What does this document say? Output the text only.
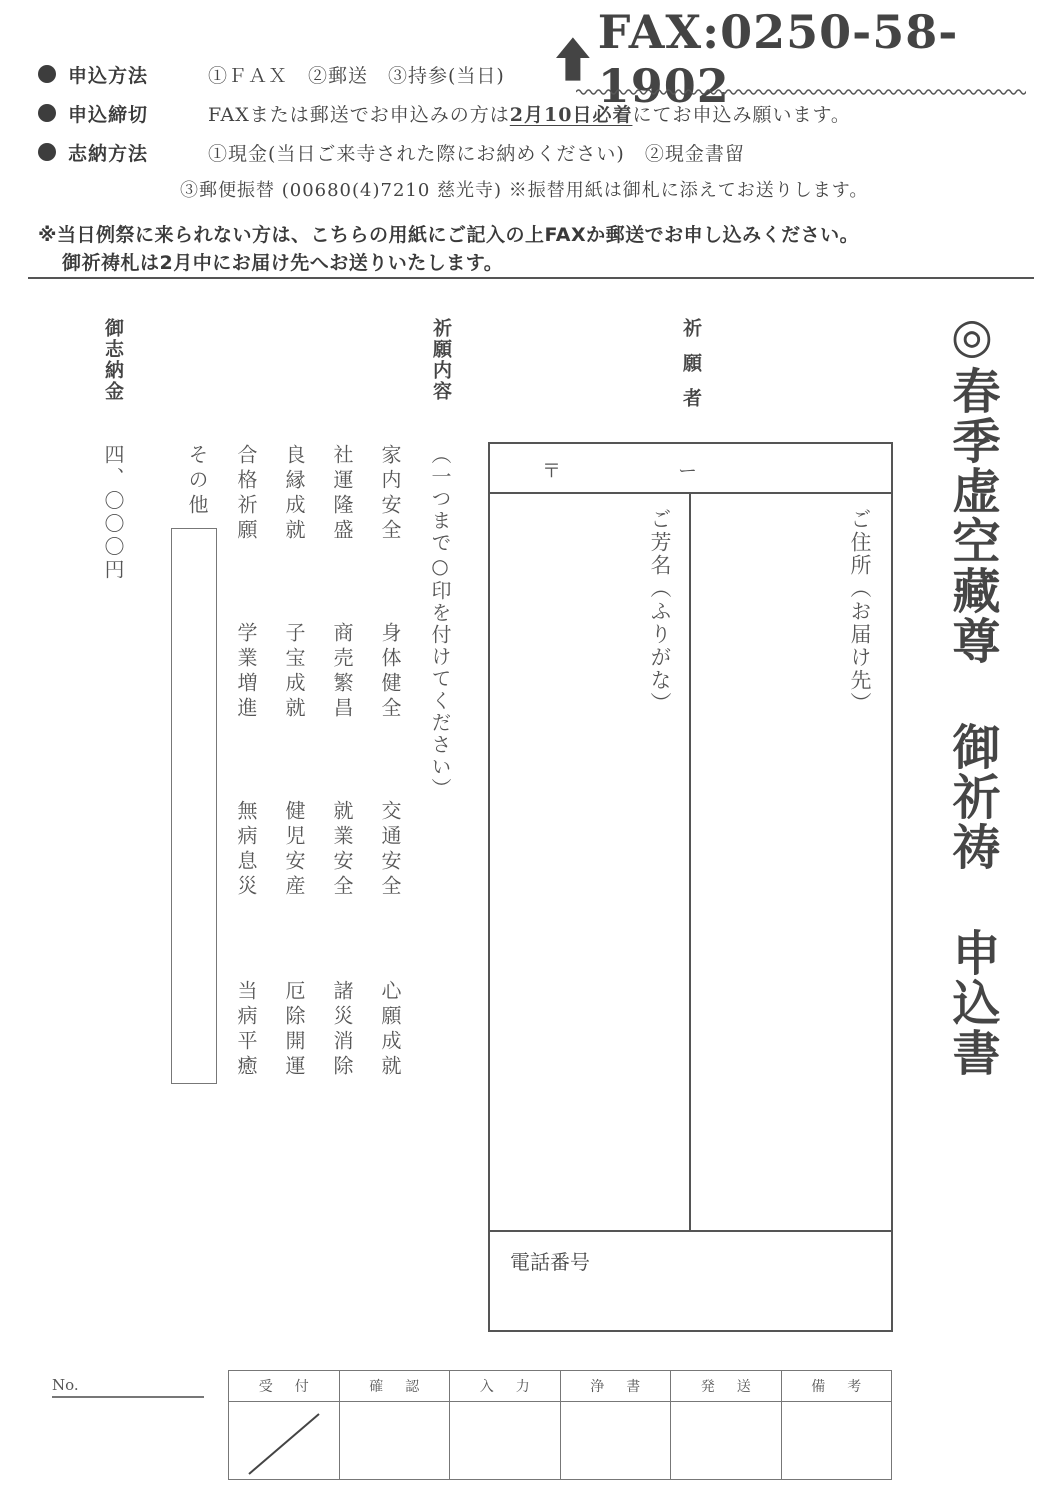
申込方法	①ＦＡＸ　②郵送　③持参(当日)
申込締切	FAXまたは郵送でお申込みの方は 2月10日必着 にてお申込み願います。
志納方法	①現金(当日ご来寺された際にお納めください)　②現金書留
③郵便振替 (00680(4)7210 慈光寺) ※振替用紙は御札に添えてお送りします。
FAX:0250-58-1902
※当日例祭に来られない方は、こちらの用紙にご記入の上FAXか郵送でお申し込みください。
御祈祷札は2月中にお届け先へお送りいたします。
◎春季虚空藏尊
御祈祷
申込書
祈願者
〒	ー
ご住所（お届け先）
ご芳名（ふりがな）
電話番号
祈願内容
（一つまで○印を付けてください）
家内安全
身体健全
交通安全
心願成就
社運隆盛
商売繁昌
就業安全
諸災消除
良縁成就
子宝成就
健児安産
厄除開運
合格祈願
学業増進
無病息災
当病平癒
その他
御志納金
四、〇〇〇円
No.	受付	確認	入力	浄書	発送	備考
